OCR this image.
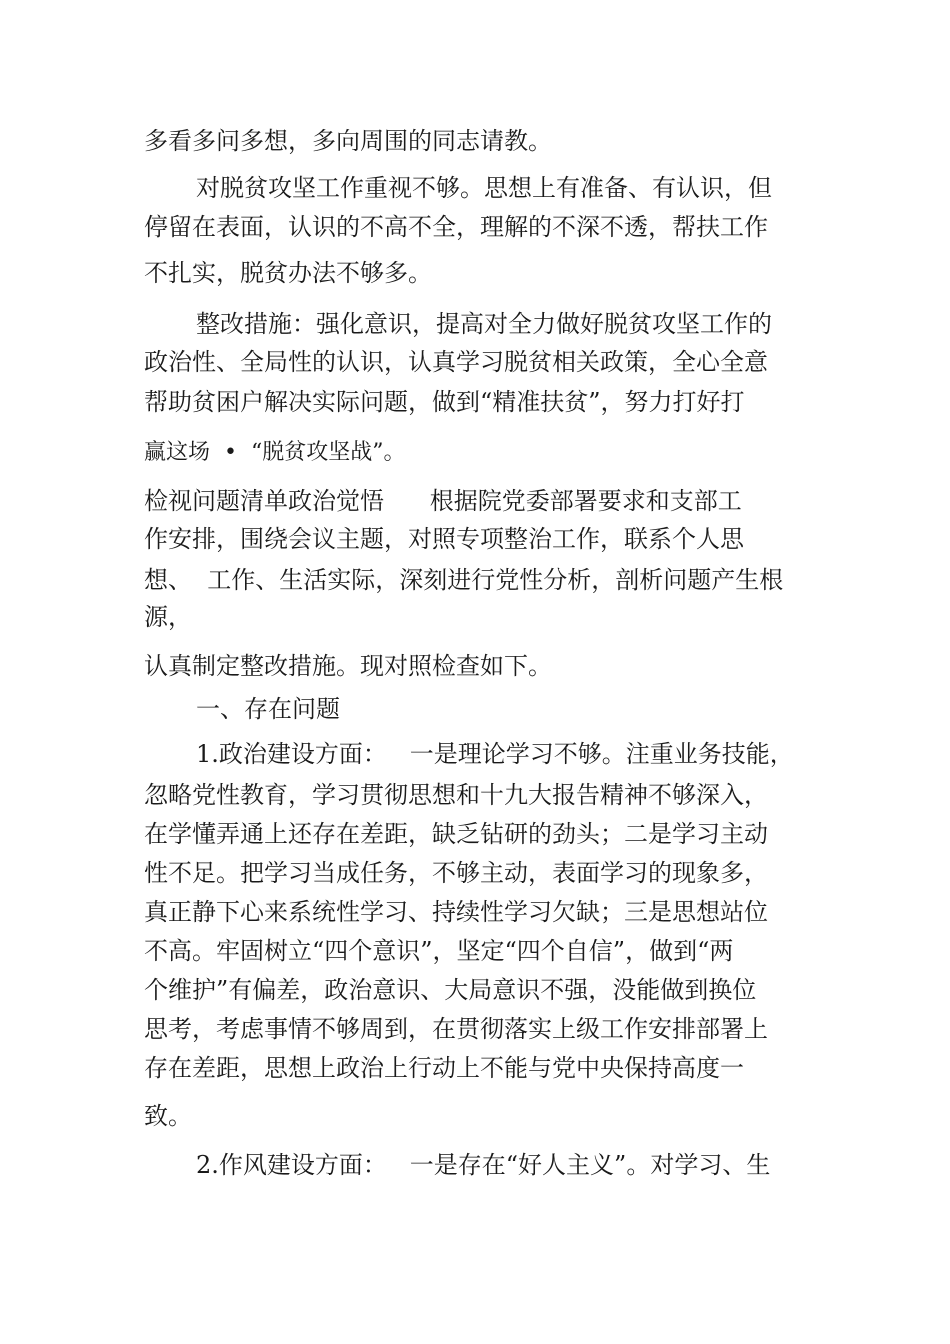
多看多问多想，多向周围的同志请教。
对脱贫攻坚工作重视不够。思想上有准备、有认识，但
停留在表面，认识的不高不全，理解的不深不透，帮扶工作
不扎实，脱贫办法不够多。
整改措施：强化意识，提高对全力做好脱贫攻坚工作的
政治性、全局性的认识，认真学习脱贫相关政策，全心全意
帮助贫困户解决实际问题，做到“精准扶贫”，努力打好打
赢这场  •  “脱贫攻坚战”。
检视问题清单政治觉悟      根据院党委部署要求和支部工
作安排，围绕会议主题，对照专项整治工作，联系个人思
想、  工作、生活实际，深刻进行党性分析，剖析问题产生根
源，
认真制定整改措施。现对照检查如下。
一、存在问题
1.政治建设方面：   一是理论学习不够。注重业务技能，
忽略党性教育，学习贯彻思想和十九大报告精神不够深入，
在学懂弄通上还存在差距，缺乏钻研的劲头；二是学习主动
性不足。把学习当成任务，不够主动，表面学习的现象多，
真正静下心来系统性学习、持续性学习欠缺；三是思想站位
不高。牢固树立“四个意识”，坚定“四个自信”，做到“两
个维护”有偏差，政治意识、大局意识不强，没能做到换位
思考，考虑事情不够周到，在贯彻落实上级工作安排部署上
存在差距，思想上政治上行动上不能与党中央保持高度一
致。
2.作风建设方面：   一是存在“好人主义”。对学习、生
